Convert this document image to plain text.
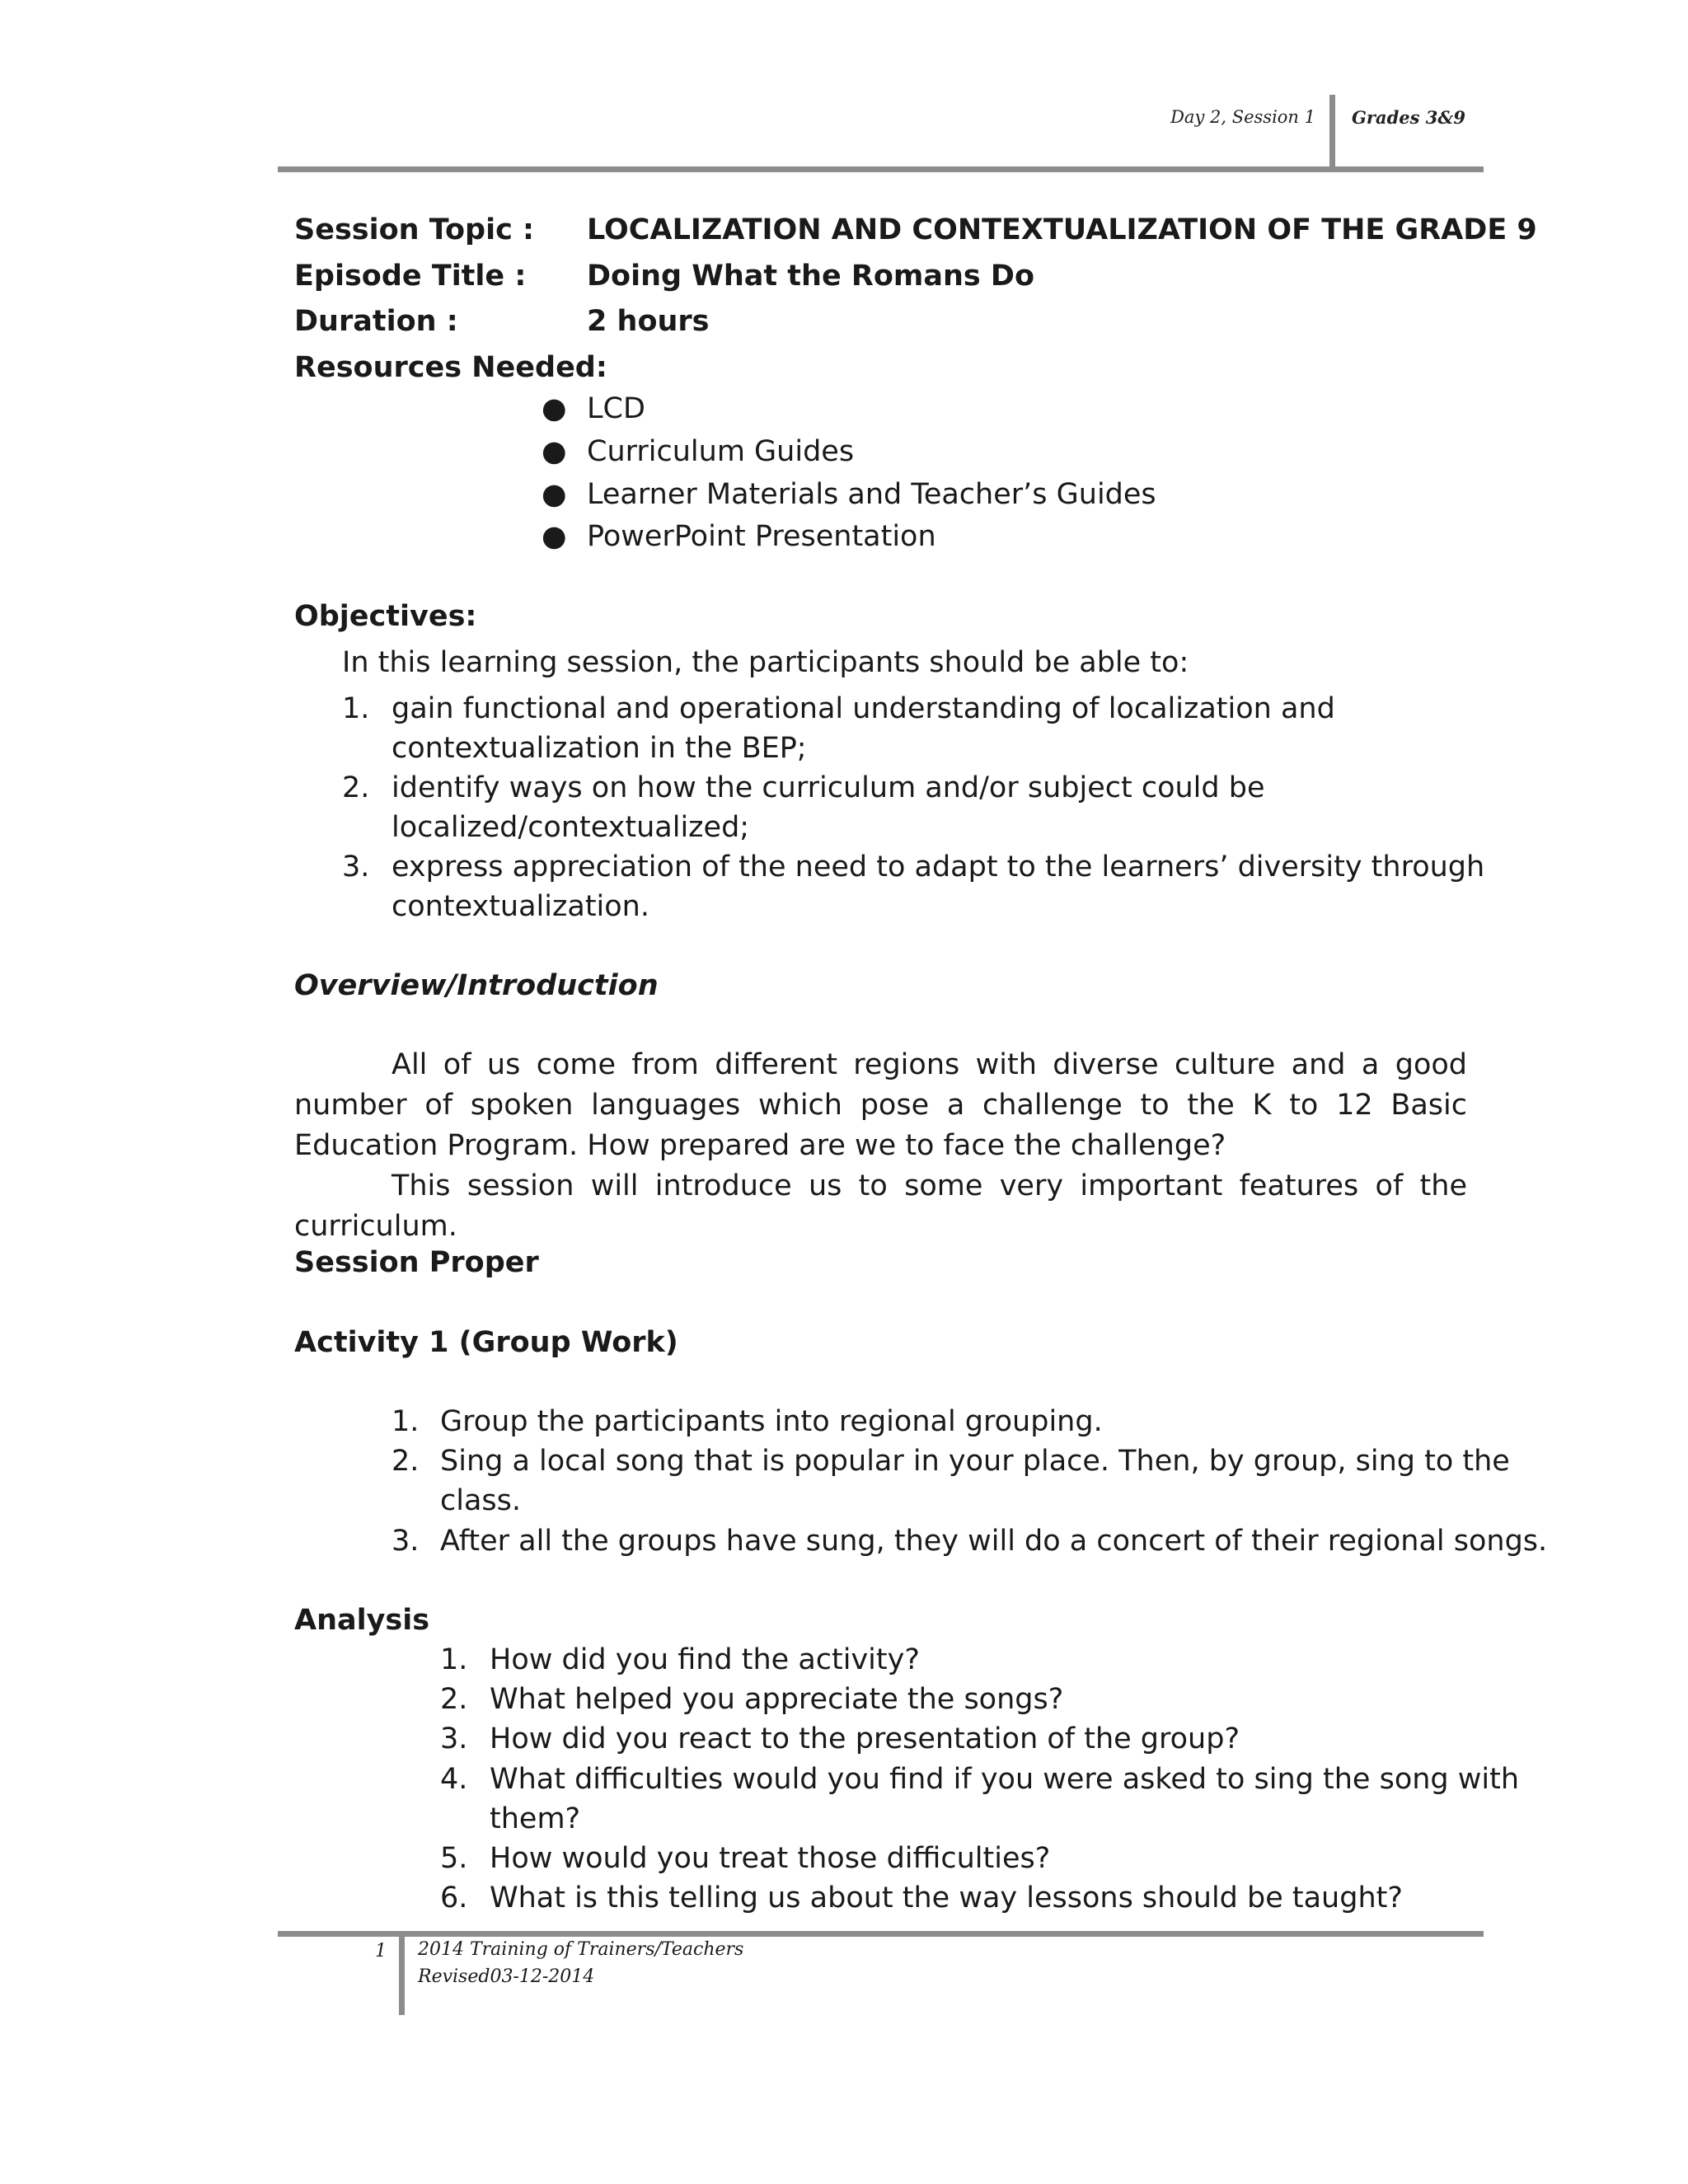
Day 2, Session 1 Grades 3&9
Session Topic : LOCALIZATION AND CONTEXTUALIZATION OF THE GRADE 9
Episode Title : Doing What the Romans Do
Duration :	2 hours
Resources Needed:
● LCD
● Curriculum Guides
● Learner Materials and Teacher’s Guides
● PowerPoint Presentation
Objectives:
In this learning session, the participants should be able to:
1. gain functional and operational understanding of localization and
contextualization in the BEP;
2. identify ways on how the curriculum and/or subject could be
localized/contextualized;
3. express appreciation of the need to adapt to the learners’ diversity through
contextualization.
Overview/Introduction

All of us come from different regions with diverse culture and a good number of spoken languages which pose a challenge to the K to 12 Basic Education Program. How prepared are we to face the challenge?

This session will introduce us to some very important features of the curriculum.

Session Proper
Activity 1 (Group Work)
1. Group the participants into regional grouping.
2. Sing a local song that is popular in your place. Then, by group, sing to the
class.
3. After all the groups have sung, they will do a concert of their regional songs.
Analysis
1. How did you find the activity?
2. What helped you appreciate the songs?
3. How did you react to the presentation of the group?
4. What difficulties would you find if you were asked to sing the song with
them?
5. How would you treat those difficulties?
6. What is this telling us about the way lessons should be taught?
1 2014 Training of Trainers/Teachers
Revised03-12-2014
